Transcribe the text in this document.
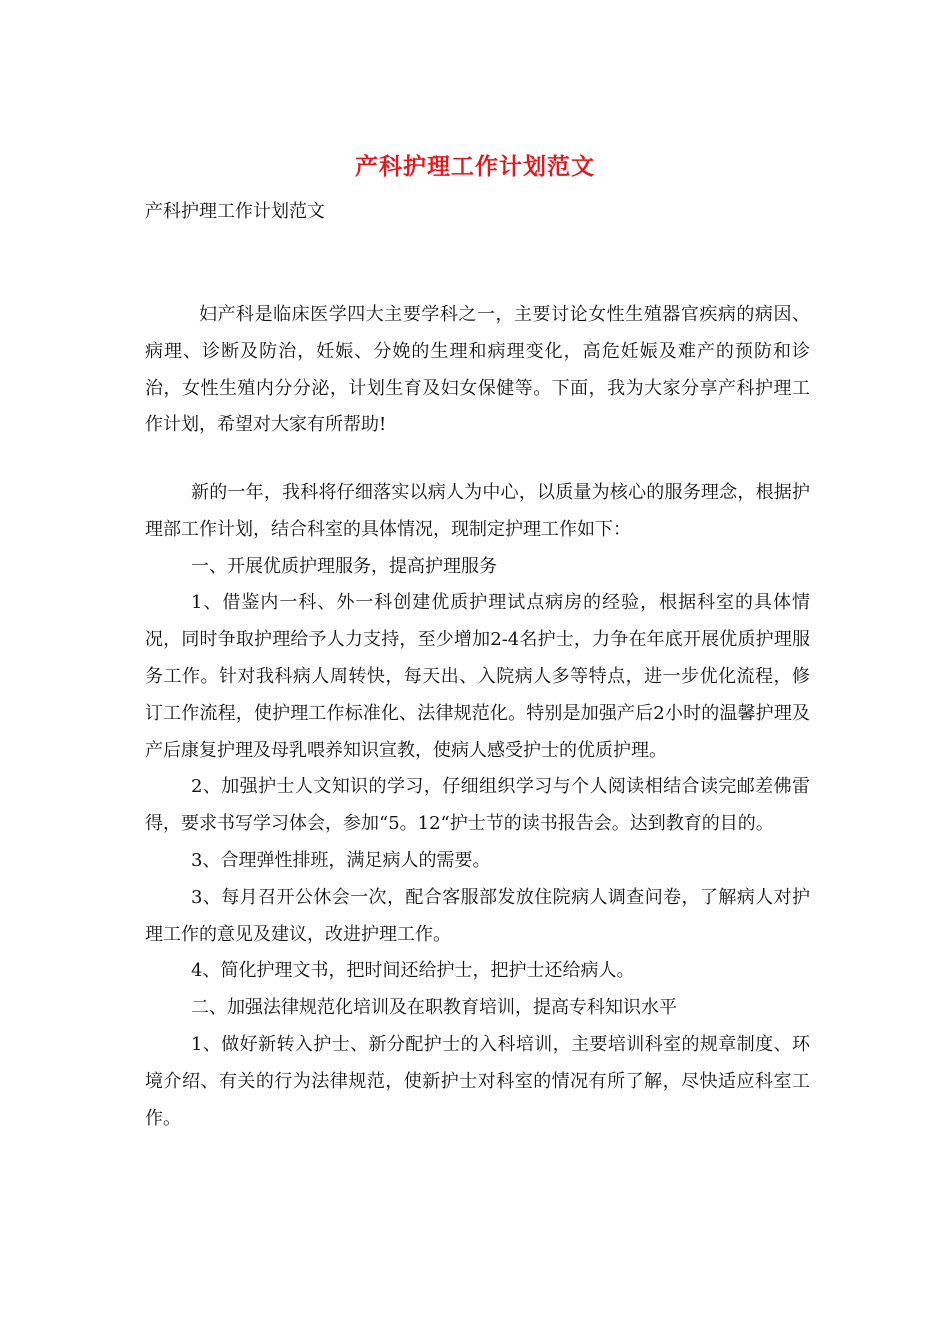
产科护理工作计划范文
产科护理工作计划范文

妇产科是临床医学四大主要学科之一，主要讨论女性生殖器官疾病的病因、病理、诊断及防治，妊娠、分娩的生理和病理变化，高危妊娠及难产的预防和诊治，女性生殖内分分泌，计划生育及妇女保健等。下面，我为大家分享产科护理工作计划，希望对大家有所帮助!

新的一年，我科将仔细落实以病人为中心，以质量为核心的服务理念，根据护理部工作计划，结合科室的具体情况，现制定护理工作如下：

一、开展优质护理服务，提高护理服务

1、借鉴内一科、外一科创建优质护理试点病房的经验，根据科室的具体情况，同时争取护理给予人力支持，至少增加2-4名护士，力争在年底开展优质护理服务工作。针对我科病人周转快，每天出、入院病人多等特点，进一步优化流程，修订工作流程，使护理工作标准化、法律规范化。特别是加强产后2小时的温馨护理及产后康复护理及母乳喂养知识宣教，使病人感受护士的优质护理。

2、加强护士人文知识的学习，仔细组织学习与个人阅读相结合读完邮差佛雷得，要求书写学习体会，参加“5。12“护士节的读书报告会。达到教育的目的。

3、合理弹性排班，满足病人的需要。

3、每月召开公休会一次，配合客服部发放住院病人调查问卷，了解病人对护理工作的意见及建议，改进护理工作。

4、简化护理文书，把时间还给护士，把护士还给病人。

二、加强法律规范化培训及在职教育培训，提高专科知识水平

1、做好新转入护士、新分配护士的入科培训，主要培训科室的规章制度、环境介绍、有关的行为法律规范，使新护士对科室的情况有所了解，尽快适应科室工作。
